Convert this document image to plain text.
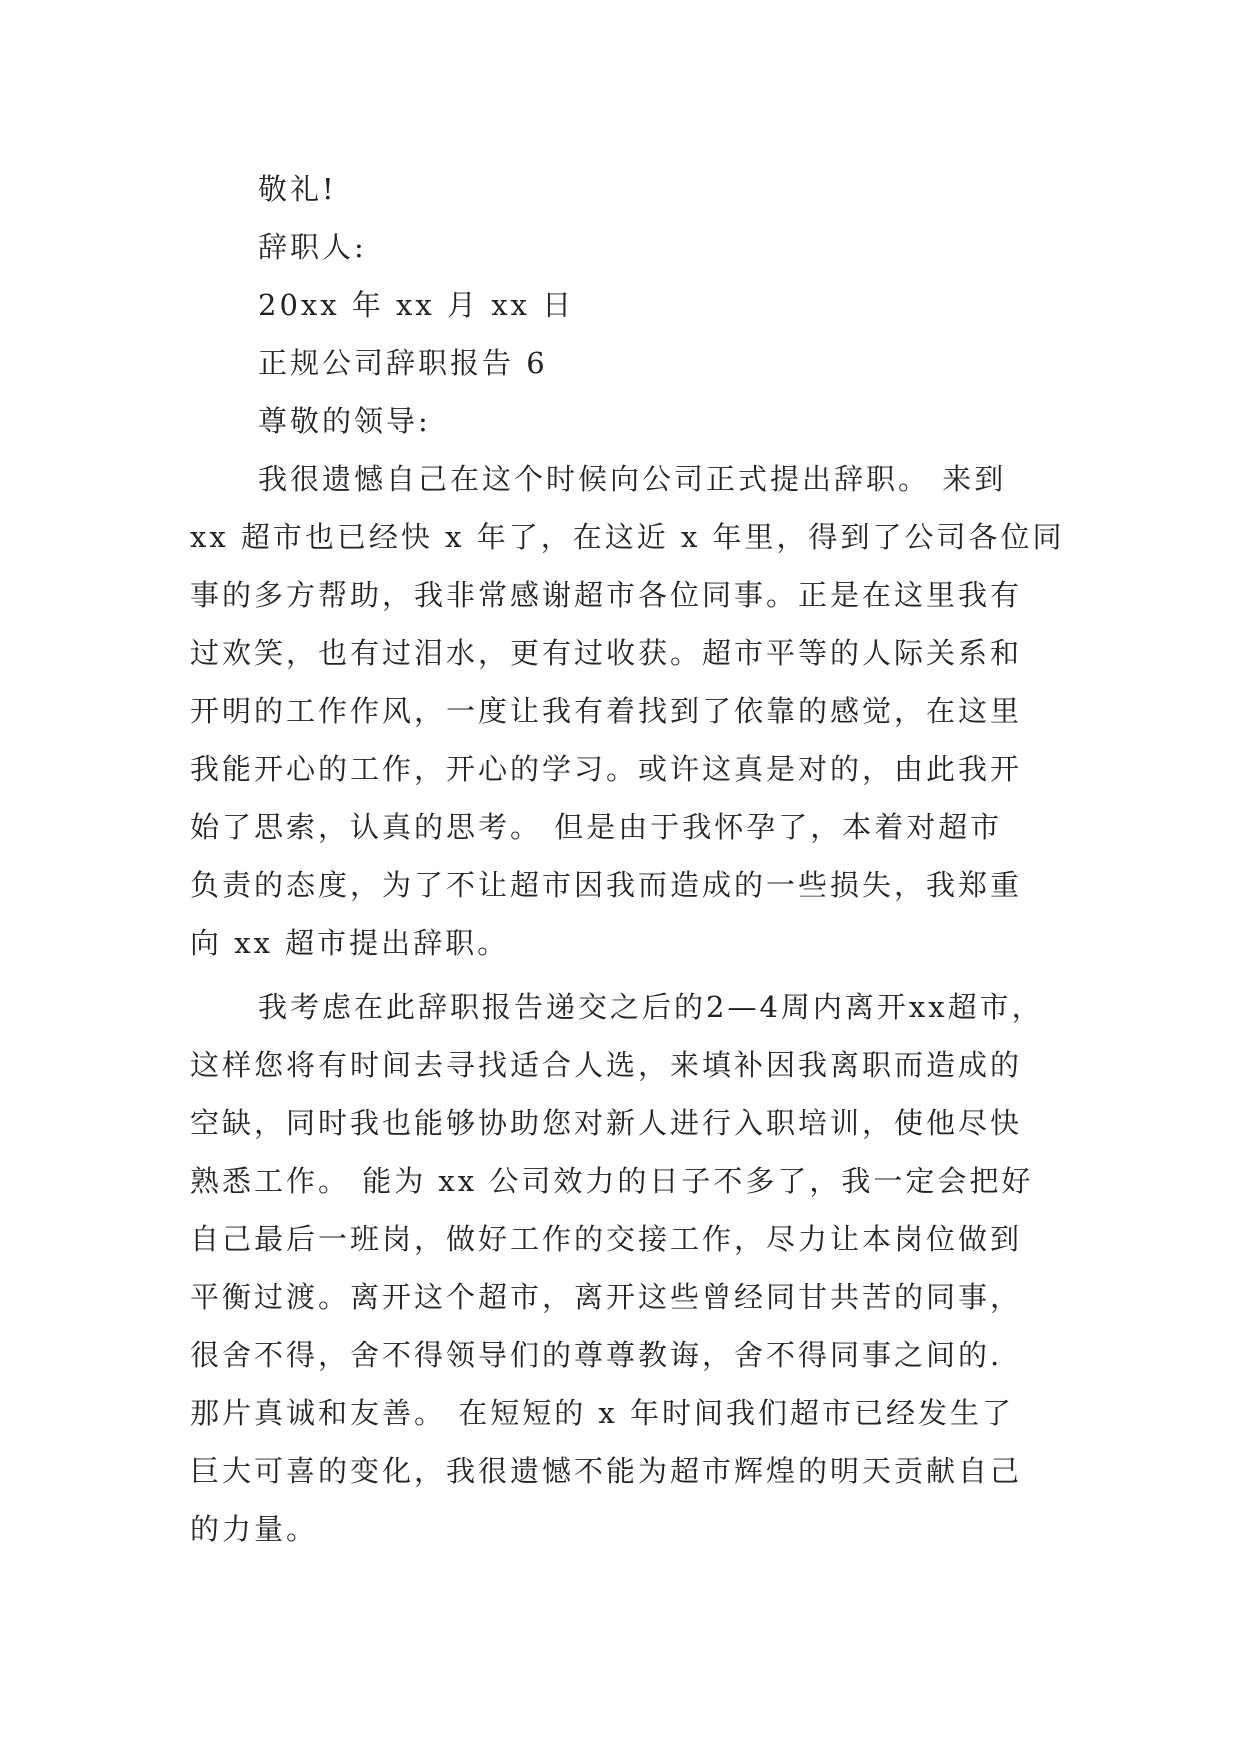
敬礼!

辞职人:

20xx 年 xx 月 xx 日

正规公司辞职报告 6

尊敬的领导:

我很遗憾自己在这个时候向公司正式提出辞职。 来到

xx 超市也已经快 x 年了，在这近 x 年里，得到了公司各位同

事的多方帮助，我非常感谢超市各位同事。正是在这里我有

过欢笑，也有过泪水，更有过收获。超市平等的人际关系和

开明的工作作风，一度让我有着找到了依靠的感觉，在这里

我能开心的工作，开心的学习。或许这真是对的，由此我开

始了思索，认真的思考。 但是由于我怀孕了，本着对超市

负责的态度，为了不让超市因我而造成的一些损失，我郑重

向 xx 超市提出辞职。

我考虑在此辞职报告递交之后的2—4周内离开xx超市，

这样您将有时间去寻找适合人选，来填补因我离职而造成的

空缺，同时我也能够协助您对新人进行入职培训，使他尽快

熟悉工作。 能为 xx 公司效力的日子不多了，我一定会把好

自己最后一班岗，做好工作的交接工作，尽力让本岗位做到

平衡过渡。离开这个超市，离开这些曾经同甘共苦的同事，

很舍不得，舍不得领导们的尊尊教诲，舍不得同事之间的.

那片真诚和友善。 在短短的 x 年时间我们超市已经发生了

巨大可喜的变化，我很遗憾不能为超市辉煌的明天贡献自己

的力量。
